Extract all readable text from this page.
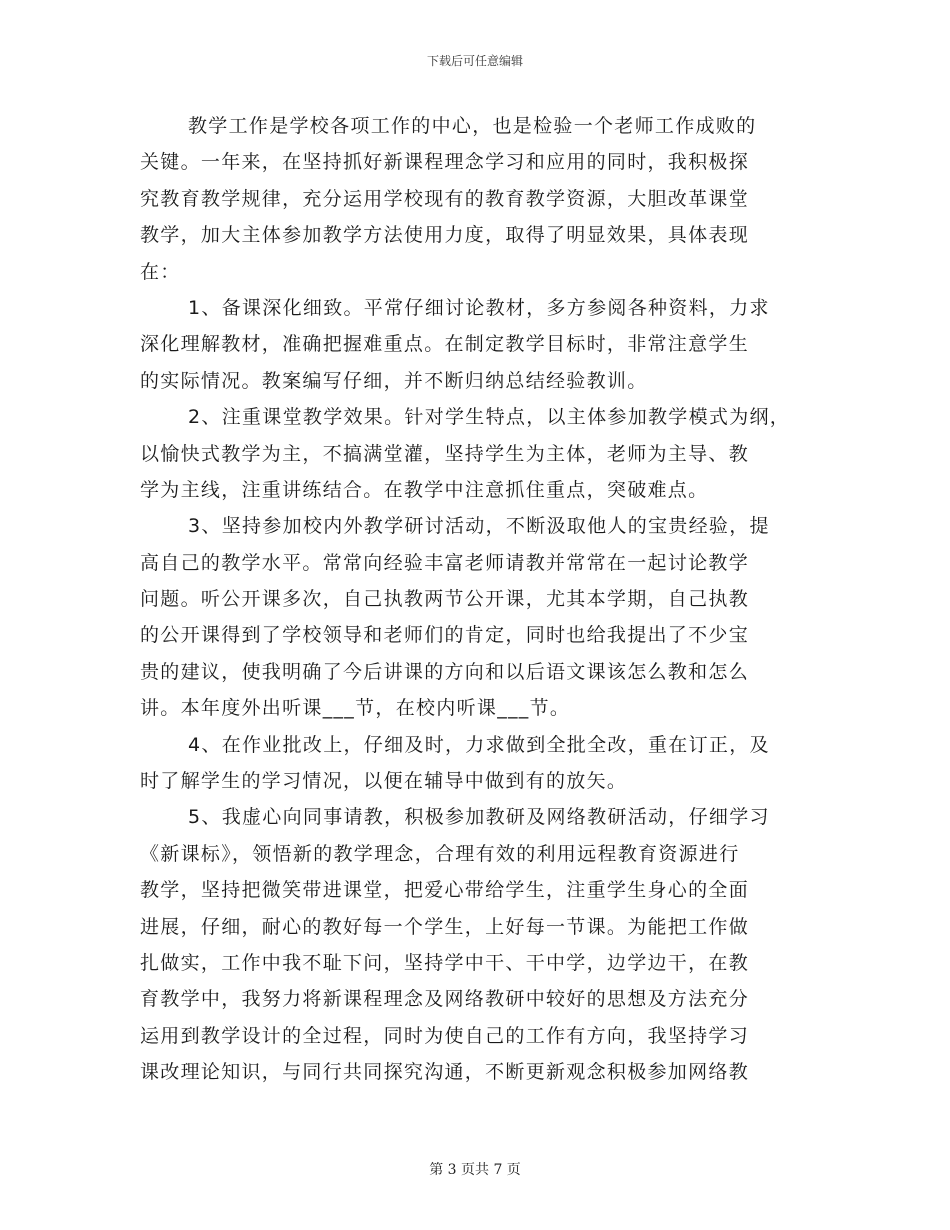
下载后可任意编辑
教学工作是学校各项工作的中心，也是检验一个老师工作成败的
关键。一年来，在坚持抓好新课程理念学习和应用的同时，我积极探
究教育教学规律，充分运用学校现有的教育教学资源，大胆改革课堂
教学，加大主体参加教学方法使用力度，取得了明显效果，具体表现
在：
1、备课深化细致。平常仔细讨论教材，多方参阅各种资料，力求
深化理解教材，准确把握难重点。在制定教学目标时，非常注意学生
的实际情况。教案编写仔细，并不断归纳总结经验教训。
2、注重课堂教学效果。针对学生特点，以主体参加教学模式为纲，
以愉快式教学为主，不搞满堂灌，坚持学生为主体，老师为主导、教
学为主线，注重讲练结合。在教学中注意抓住重点，突破难点。
3、坚持参加校内外教学研讨活动，不断汲取他人的宝贵经验，提
高自己的教学水平。常常向经验丰富老师请教并常常在一起讨论教学
问题。听公开课多次，自己执教两节公开课，尤其本学期，自己执教
的公开课得到了学校领导和老师们的肯定，同时也给我提出了不少宝
贵的建议，使我明确了今后讲课的方向和以后语文课该怎么教和怎么
讲。本年度外出听课___节，在校内听课___节。
4、在作业批改上，仔细及时，力求做到全批全改，重在订正，及
时了解学生的学习情况，以便在辅导中做到有的放矢。
5、我虚心向同事请教，积极参加教研及网络教研活动，仔细学习
《新课标》，领悟新的教学理念，合理有效的利用远程教育资源进行
教学，坚持把微笑带进课堂，把爱心带给学生，注重学生身心的全面
进展，仔细，耐心的教好每一个学生，上好每一节课。为能把工作做
扎做实，工作中我不耻下问，坚持学中干、干中学，边学边干，在教
育教学中，我努力将新课程理念及网络教研中较好的思想及方法充分
运用到教学设计的全过程，同时为使自己的工作有方向，我坚持学习
课改理论知识，与同行共同探究沟通，不断更新观念积极参加网络教
第 3 页共 7 页
